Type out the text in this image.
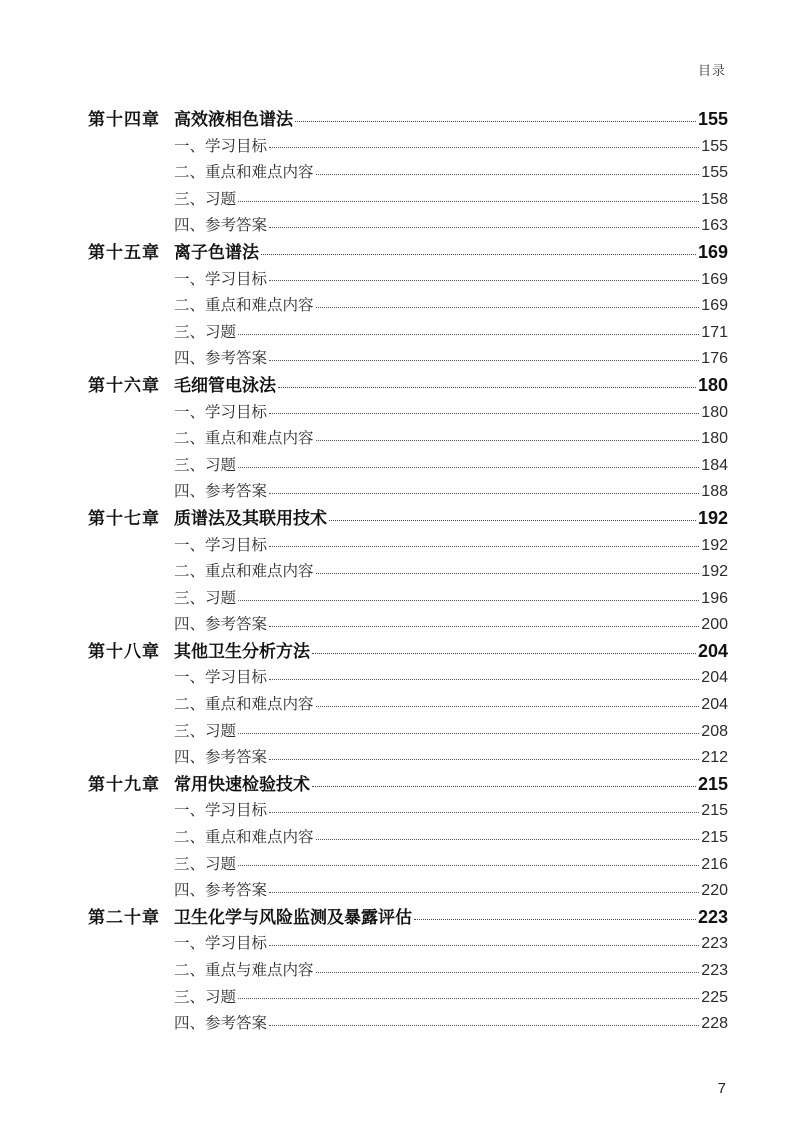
目录
第十四章 高效液相色谱法	155
一、学习目标	155
二、重点和难点内容	155
三、习题	158
四、参考答案	163
第十五章 离子色谱法	169
一、学习目标	169
二、重点和难点内容	169
三、习题	171
四、参考答案	176
第十六章 毛细管电泳法	180
一、学习目标	180
二、重点和难点内容	180
三、习题	184
四、参考答案	188
第十七章 质谱法及其联用技术	192
一、学习目标	192
二、重点和难点内容	192
三、习题	196
四、参考答案	200
第十八章 其他卫生分析方法	204
一、学习目标	204
二、重点和难点内容	204
三、习题	208
四、参考答案	212
第十九章 常用快速检验技术	215
一、学习目标	215
二、重点和难点内容	215
三、习题	216
四、参考答案	220
第二十章 卫生化学与风险监测及暴露评估	223
一、学习目标	223
二、重点与难点内容	223
三、习题	225
四、参考答案	228
7
